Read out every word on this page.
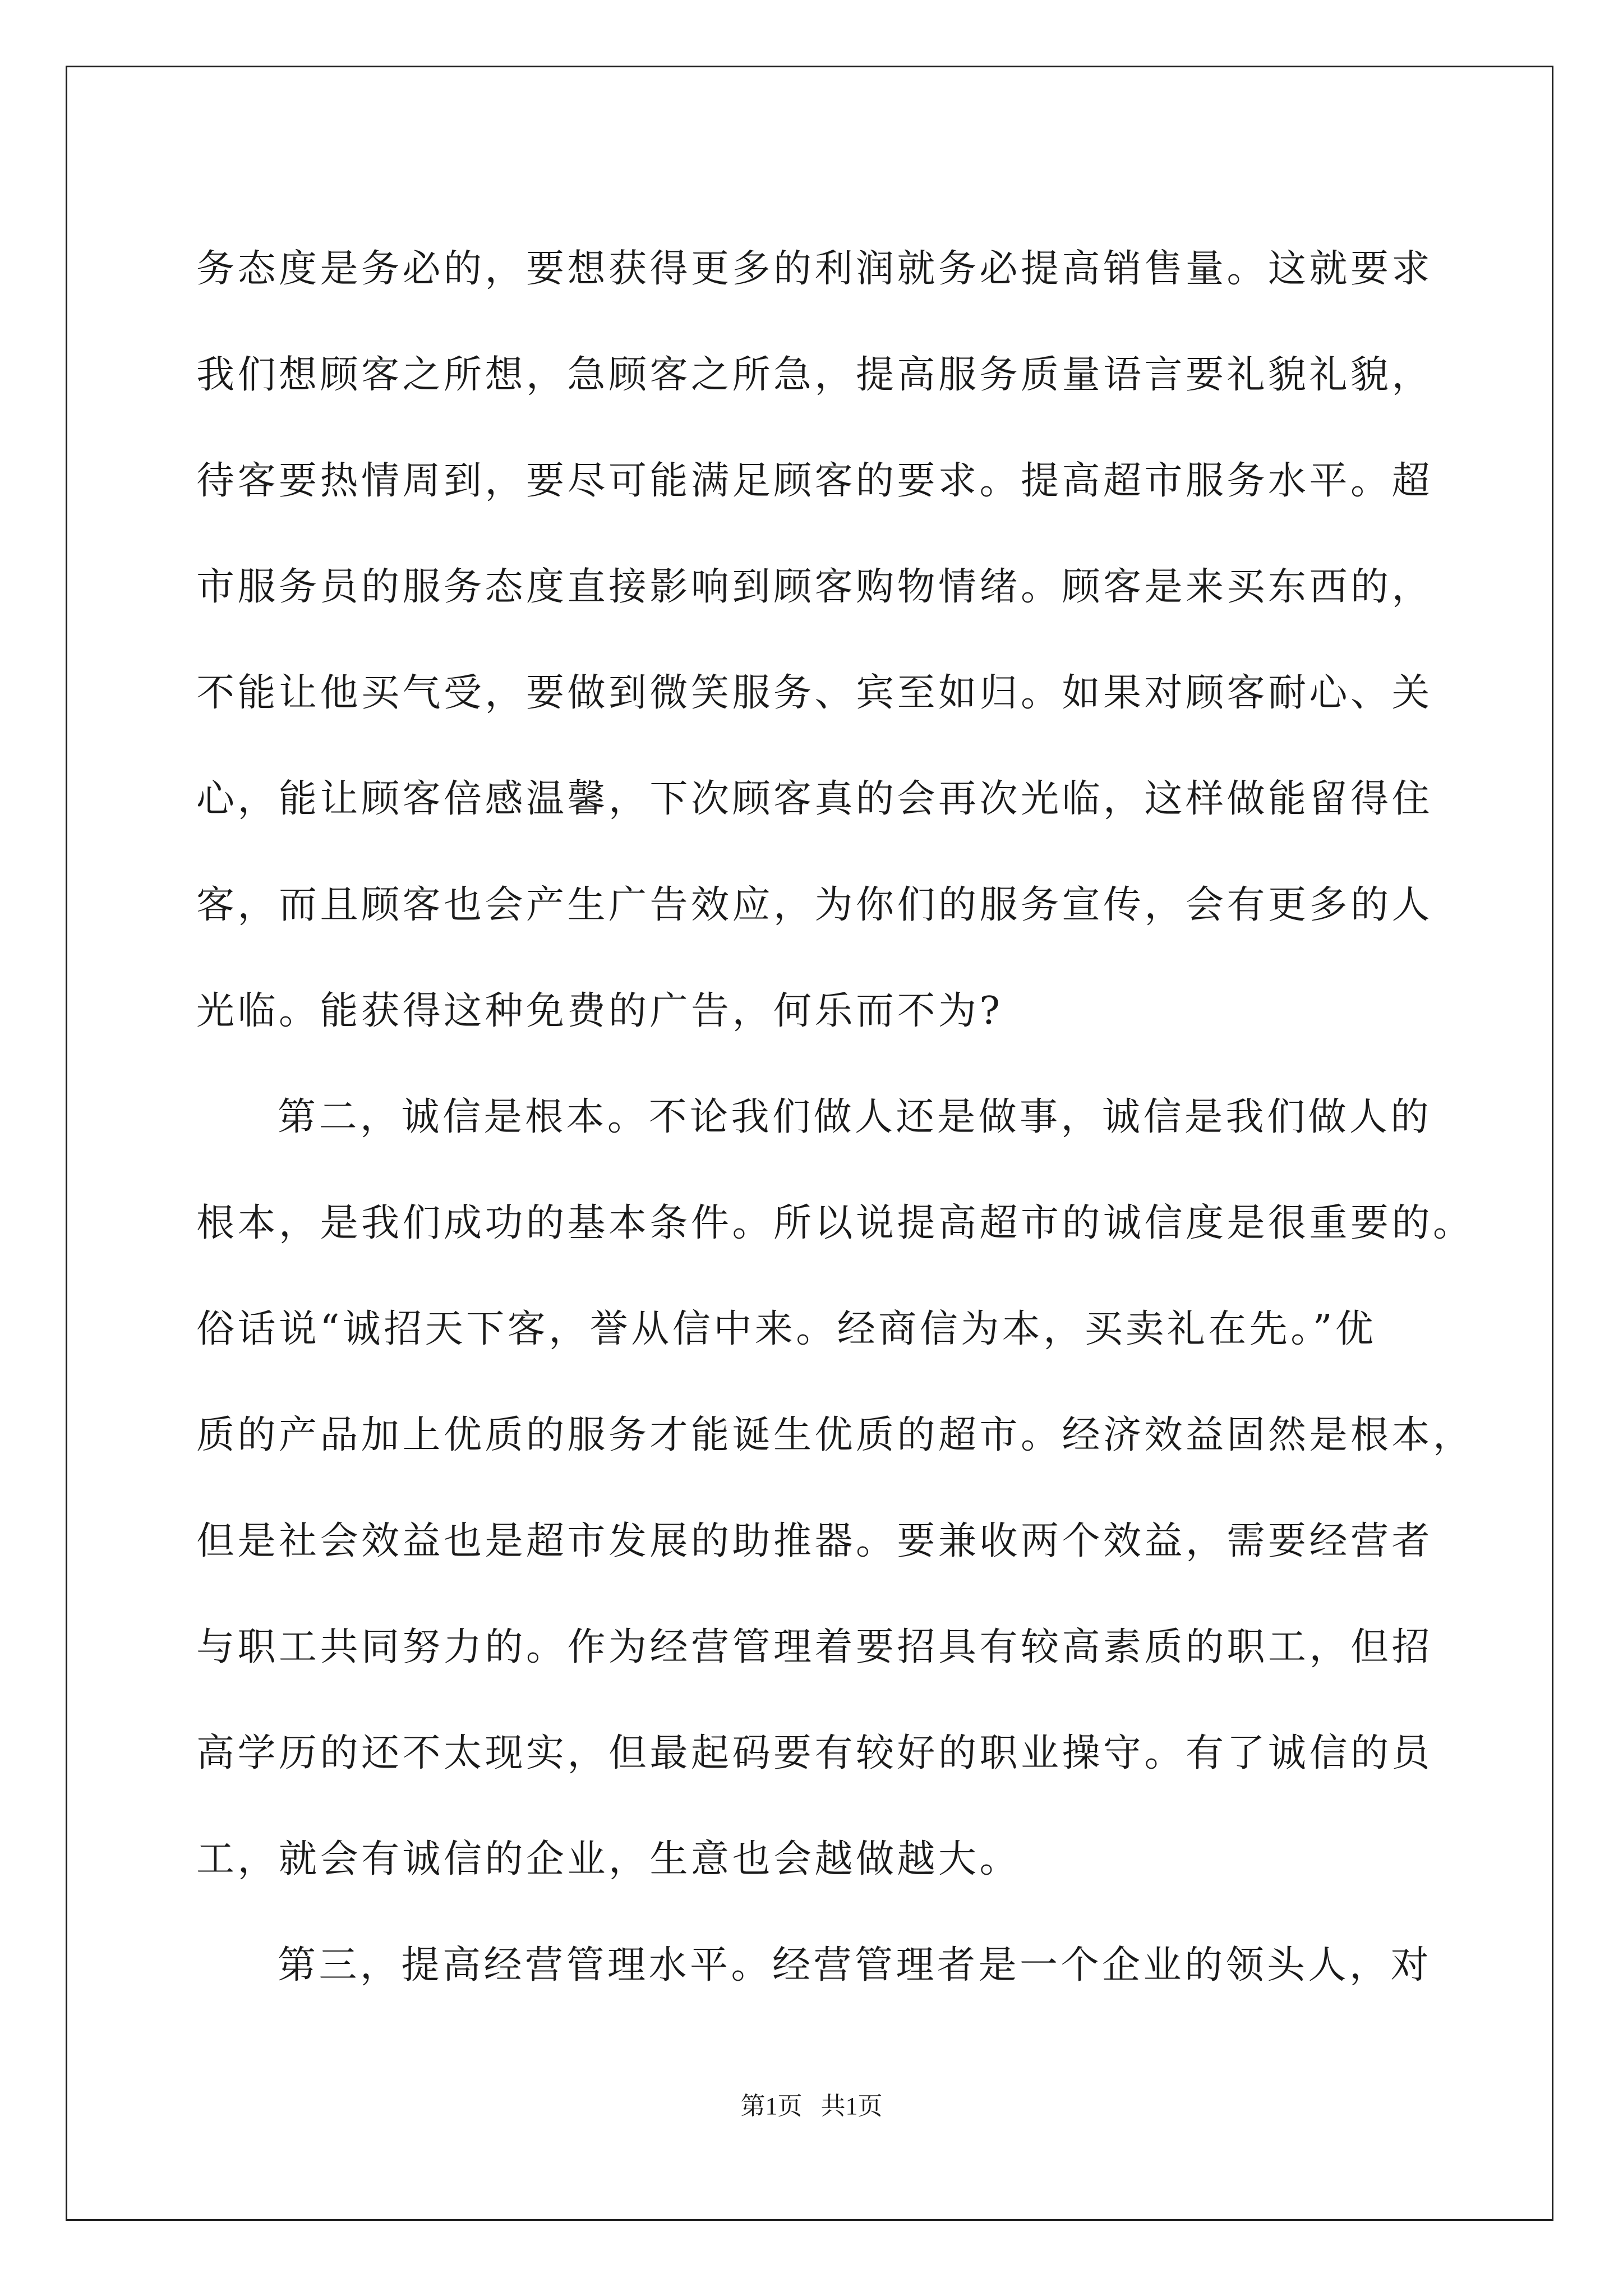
务态度是务必的，要想获得更多的利润就务必提高销售量。这就要求
我们想顾客之所想，急顾客之所急，提高服务质量语言要礼貌礼貌，
待客要热情周到，要尽可能满足顾客的要求。提高超市服务水平。超
市服务员的服务态度直接影响到顾客购物情绪。顾客是来买东西的，
不能让他买气受，要做到微笑服务、宾至如归。如果对顾客耐心、关
心，能让顾客倍感温馨，下次顾客真的会再次光临，这样做能留得住
客，而且顾客也会产生广告效应，为你们的服务宣传，会有更多的人
光临。能获得这种免费的广告，何乐而不为?
第二，诚信是根本。不论我们做人还是做事，诚信是我们做人的
根本，是我们成功的基本条件。所以说提高超市的诚信度是很重要的。
俗话说“诚招天下客，誉从信中来。经商信为本，买卖礼在先。”优
质的产品加上优质的服务才能诞生优质的超市。经济效益固然是根本，
但是社会效益也是超市发展的助推器。要兼收两个效益，需要经营者
与职工共同努力的。作为经营管理着要招具有较高素质的职工，但招
高学历的还不太现实，但最起码要有较好的职业操守。有了诚信的员
工，就会有诚信的企业，生意也会越做越大。
第三，提高经营管理水平。经营管理者是一个企业的领头人，对
第1页   共1页
